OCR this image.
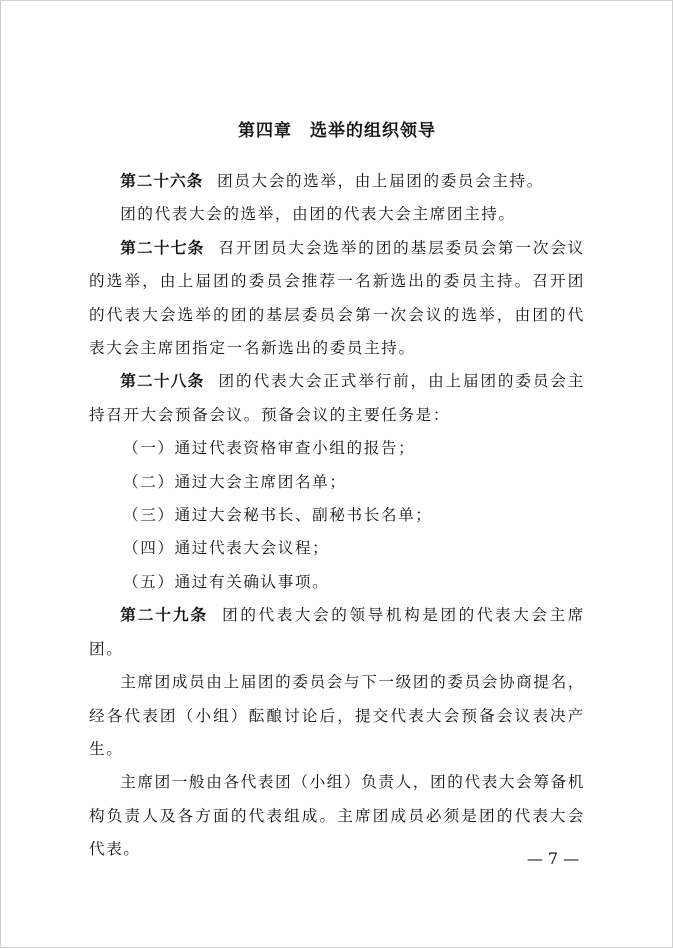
第四章 选举的组织领导

第二十六条 团员大会的选举，由上届团的委员会主持。

团的代表大会的选举，由团的代表大会主席团主持。

第二十七条 召开团员大会选举的团的基层委员会第一次会议的选举，由上届团的委员会推荐一名新选出的委员主持。召开团的代表大会选举的团的基层委员会第一次会议的选举，由团的代表大会主席团指定一名新选出的委员主持。

第二十八条 团的代表大会正式举行前，由上届团的委员会主持召开大会预备会议。预备会议的主要任务是：

（一）通过代表资格审查小组的报告；

（二）通过大会主席团名单；

（三）通过大会秘书长、副秘书长名单；

（四）通过代表大会议程；

（五）通过有关确认事项。

第二十九条 团的代表大会的领导机构是团的代表大会主席团。

主席团成员由上届团的委员会与下一级团的委员会协商提名，经各代表团（小组）酝酿讨论后，提交代表大会预备会议表决产生。

主席团一般由各代表团（小组）负责人，团的代表大会筹备机构负责人及各方面的代表组成。主席团成员必须是团的代表大会代表。	— 7 —
